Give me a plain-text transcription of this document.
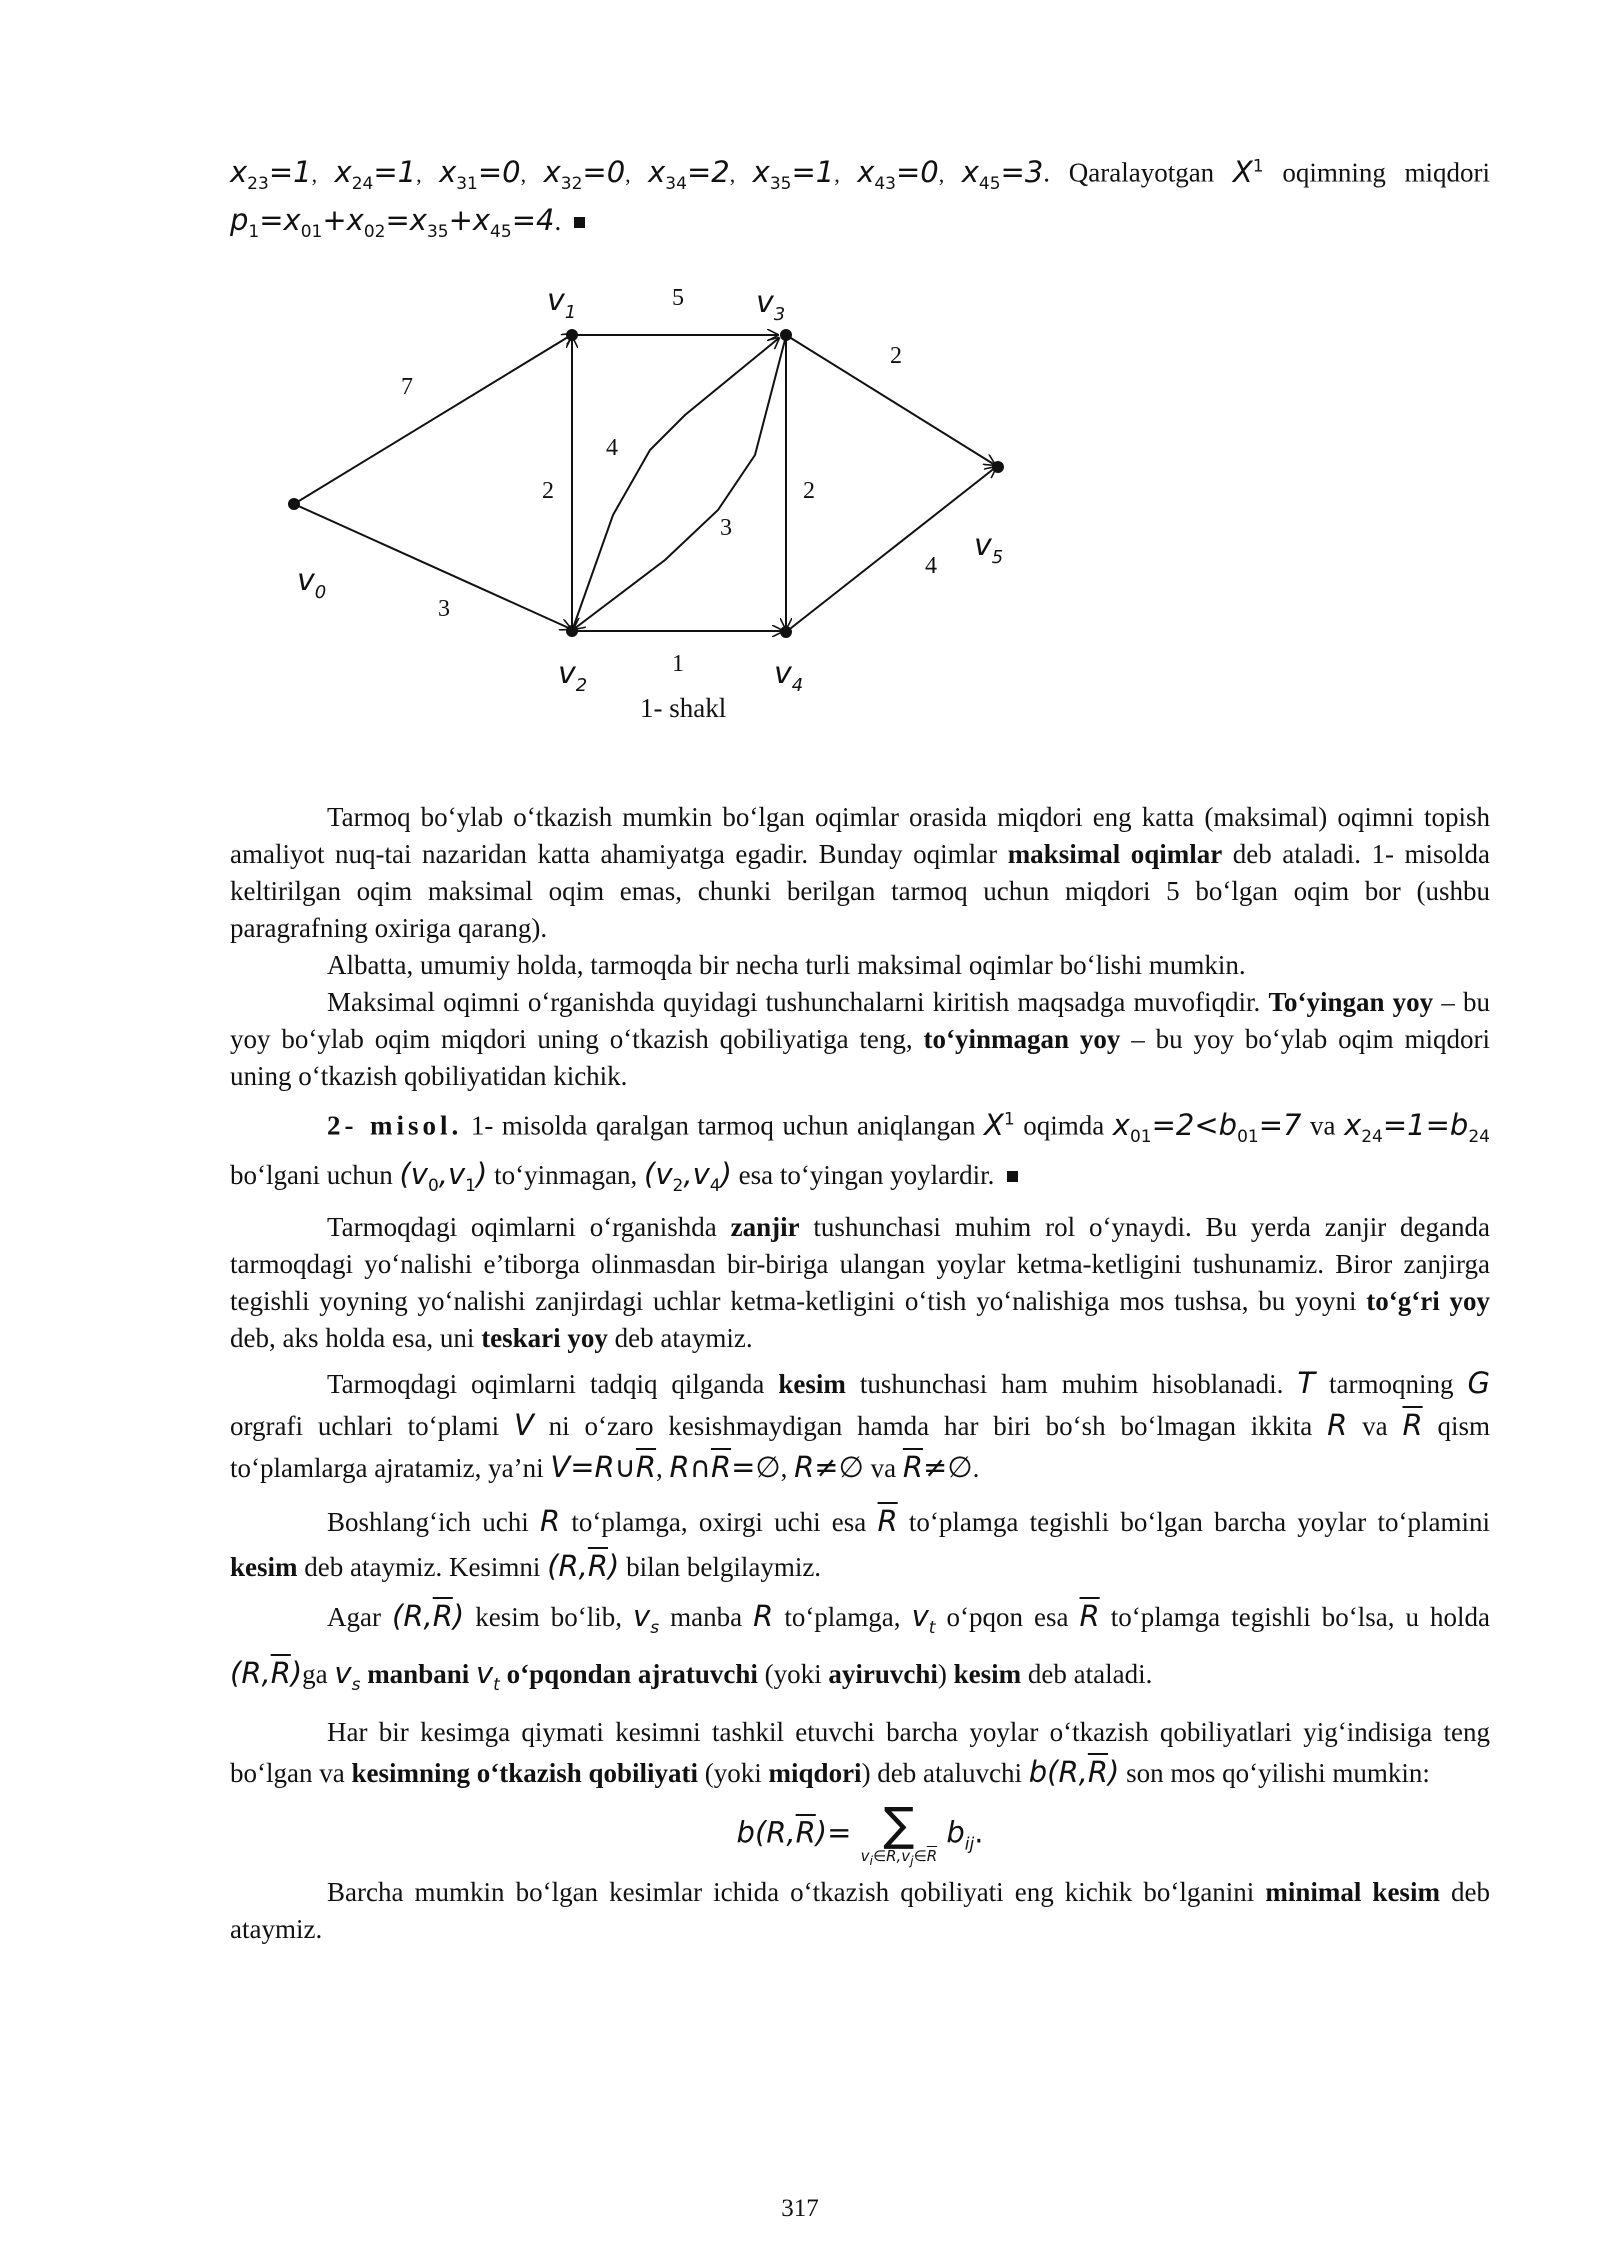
$x_{23}=1$, $x_{24}=1$, $x_{31}=0$, $x_{32}=0$, $x_{34}=2$, $x_{35}=1$, $x_{43}=0$, $x_{45}=3$. Qaralayotgan $X^1$ oqimning miqdori $p_1=x_{01}+x_{02}=x_{35}+x_{45}=4$.

Tarmoq bo‘ylab o‘tkazish mumkin bo‘lgan oqimlar orasida miqdori eng katta (maksimal) oqimni topish amaliyot nuq-tai nazaridan katta ahamiyatga egadir. Bunday oqimlar maksimal oqimlar deb ataladi. 1- misolda keltirilgan oqim maksimal oqim emas, chunki berilgan tarmoq uchun miqdori 5 bo‘lgan oqim bor (ushbu paragrafning oxiriga qarang).

Albatta, umumiy holda, tarmoqda bir necha turli maksimal oqimlar bo‘lishi mumkin.

Maksimal oqimni o‘rganishda quyidagi tushunchalarni kiritish maqsadga muvofiqdir. To‘yingan yoy – bu yoy bo‘ylab oqim miqdori uning o‘tkazish qobiliyatiga teng, to‘yinmagan yoy – bu yoy bo‘ylab oqim miqdori uning o‘tkazish qobiliyatidan kichik.

2- misol. 1- misolda qaralgan tarmoq uchun aniqlangan $X^1$ oqimda $x_{01}=2<b_{01}=7$ va $x_{24}=1=b_{24}$ bo‘lgani uchun $(v_0,v_1)$ to‘yinmagan, $(v_2,v_4)$ esa to‘yingan yoylardir.

Tarmoqdagi oqimlarni o‘rganishda zanjir tushunchasi muhim rol o‘ynaydi. Bu yerda zanjir deganda tarmoqdagi yo‘nalishi e’tiborga olinmasdan bir-biriga ulangan yoylar ketma-ketligini tushunamiz. Biror zanjirga tegishli yoyning yo‘nalishi zanjirdagi uchlar ketma-ketligini o‘tish yo‘nalishiga mos tushsa, bu yoyni to‘g‘ri yoy deb, aks holda esa, uni teskari yoy deb ataymiz.

Tarmoqdagi oqimlarni tadqiq qilganda kesim tushunchasi ham muhim hisoblanadi. T tarmoqning G orgrafi uchlari to‘plami V ni o‘zaro kesishmaydigan hamda har biri bo‘sh bo‘lmagan ikkita R va $\overline{R}$ qism to‘plamlarga ajratamiz, ya’ni $V=R\cup\overline{R}$, $R\cap\overline{R}=\emptyset$, R≠∅ va $\overline{R}\ne\emptyset$.

Boshlang‘ich uchi R to‘plamga, oxirgi uchi esa $\overline{R}$ to‘plamga tegishli bo‘lgan barcha yoylar to‘plamini kesim deb ataymiz. Kesimni $(R,\overline{R})$ bilan belgilaymiz.

Agar $(R,\overline{R})$ kesim bo‘lib, $v_s$ manba R to‘plamga, $v_t$ o‘pqon esa $\overline{R}$ to‘plamga tegishli bo‘lsa, u holda $(R,\overline{R})ga$ $v_s$ manbani $v_t$ o‘pqondan ajratuvchi (yoki ayiruvchi) kesim deb ataladi.

Har bir kesimga qiymati kesimni tashkil etuvchi barcha yoylar o‘tkazish qobiliyatlari yig‘indisiga teng bo‘lgan va kesimning o‘tkazish qobiliyati (yoki miqdori) deb ataluvchi $b(R,\overline{R})$ son mos qo‘yilishi mumkin:

$b(R,\overline{R})=$ ∑
$v_i\in R,v_j\in\overline{R}$
$b_{ij}$.

Barcha mumkin bo‘lgan kesimlar ichida o‘tkazish qobiliyati eng kichik bo‘lganini minimal kesim deb ataymiz.

$v_0$
$v_1$	$v_3$
$v_2$	$v_4$
$v_5$
7
3
5
2
4
3
2
1
2
4
1- shakl
317
